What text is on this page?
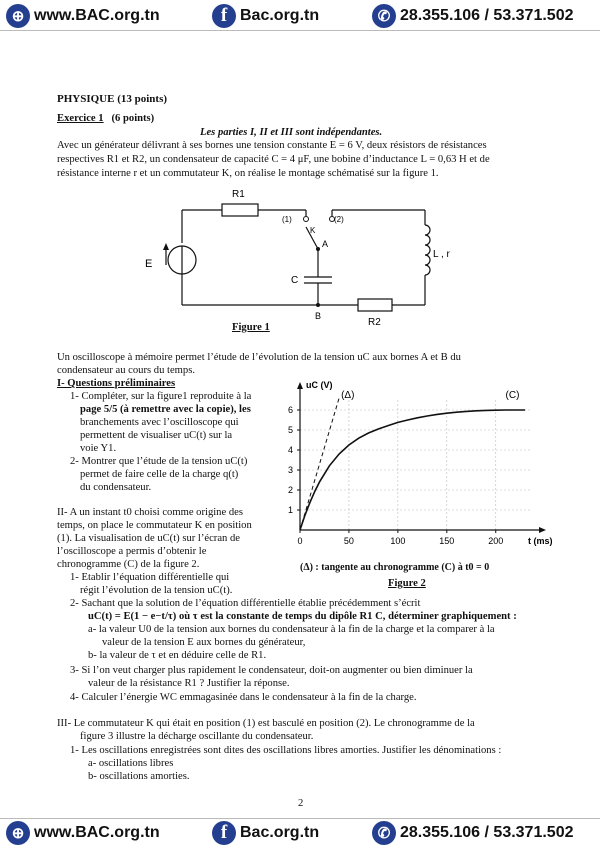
⊕ www.BAC.org.tn	f Bac.org.tn	✆ 28.355.106 / 53.371.502
PHYSIQUE (13 points)
Exercice 1 (6 points)
Les parties I, II et III sont indépendantes.
Avec un générateur délivrant à ses bornes une tension constante E = 6 V, deux résistors de résistances
respectives R1 et R2, un condensateur de capacité C = 4 μF, une bobine d’inductance L = 0,63 H et de
résistance interne r et un commutateur K, on réalise le montage schématisé sur la figure 1.
R1
(1)	(2)
K
A
C
B
R2
E
L , r
Figure 1
Un oscilloscope à mémoire permet l’étude de l’évolution de la tension uC aux bornes A et B du
condensateur au cours du temps.
I- Questions préliminaires
1- Compléter, sur la figure1 reproduite à la
page 5/5 (à remettre avec la copie), les
branchements avec l’oscilloscope qui
permettent de visualiser uC(t) sur la
voie Y1.
2- Montrer que l’étude de la tension uC(t)
permet de faire celle de la charge q(t)
du condensateur.
II- A un instant t0 choisi comme origine des
temps, on place le commutateur K en position
(1). La visualisation de uC(t) sur l’écran de
l’oscilloscope a permis d’obtenir le
chronogramme (C) de la figure 2.
1- Etablir l’équation différentielle qui
régit l’évolution de la tension uC(t).
0	50	100	150	200
1
2
3
4
5
6
uC (V)
t (ms)
(C)
(Δ)
(Δ) : tangente au chronogramme (C) à t0 = 0
Figure 2
2- Sachant que la solution de l’équation différentielle établie précédemment s’écrit
uC(t) = E(1 − e−t/τ) où τ est la constante de temps du dipôle R1 C, déterminer graphiquement :
a- la valeur U0 de la tension aux bornes du condensateur à la fin de la charge et la comparer à la
valeur de la tension E aux bornes du générateur,
b- la valeur de τ et en déduire celle de R1.
3- Si l’on veut charger plus rapidement le condensateur, doit-on augmenter ou bien diminuer la
valeur de la résistance R1 ? Justifier la réponse.
4- Calculer l’énergie WC emmagasinée dans le condensateur à la fin de la charge.
III- Le commutateur K qui était en position (1) est basculé en position (2). Le chronogramme de la
figure 3 illustre la décharge oscillante du condensateur.
1- Les oscillations enregistrées sont dites des oscillations libres amorties. Justifier les dénominations :
a- oscillations libres
b- oscillations amorties.
2
⊕ www.BAC.org.tn	f Bac.org.tn	✆ 28.355.106 / 53.371.502
